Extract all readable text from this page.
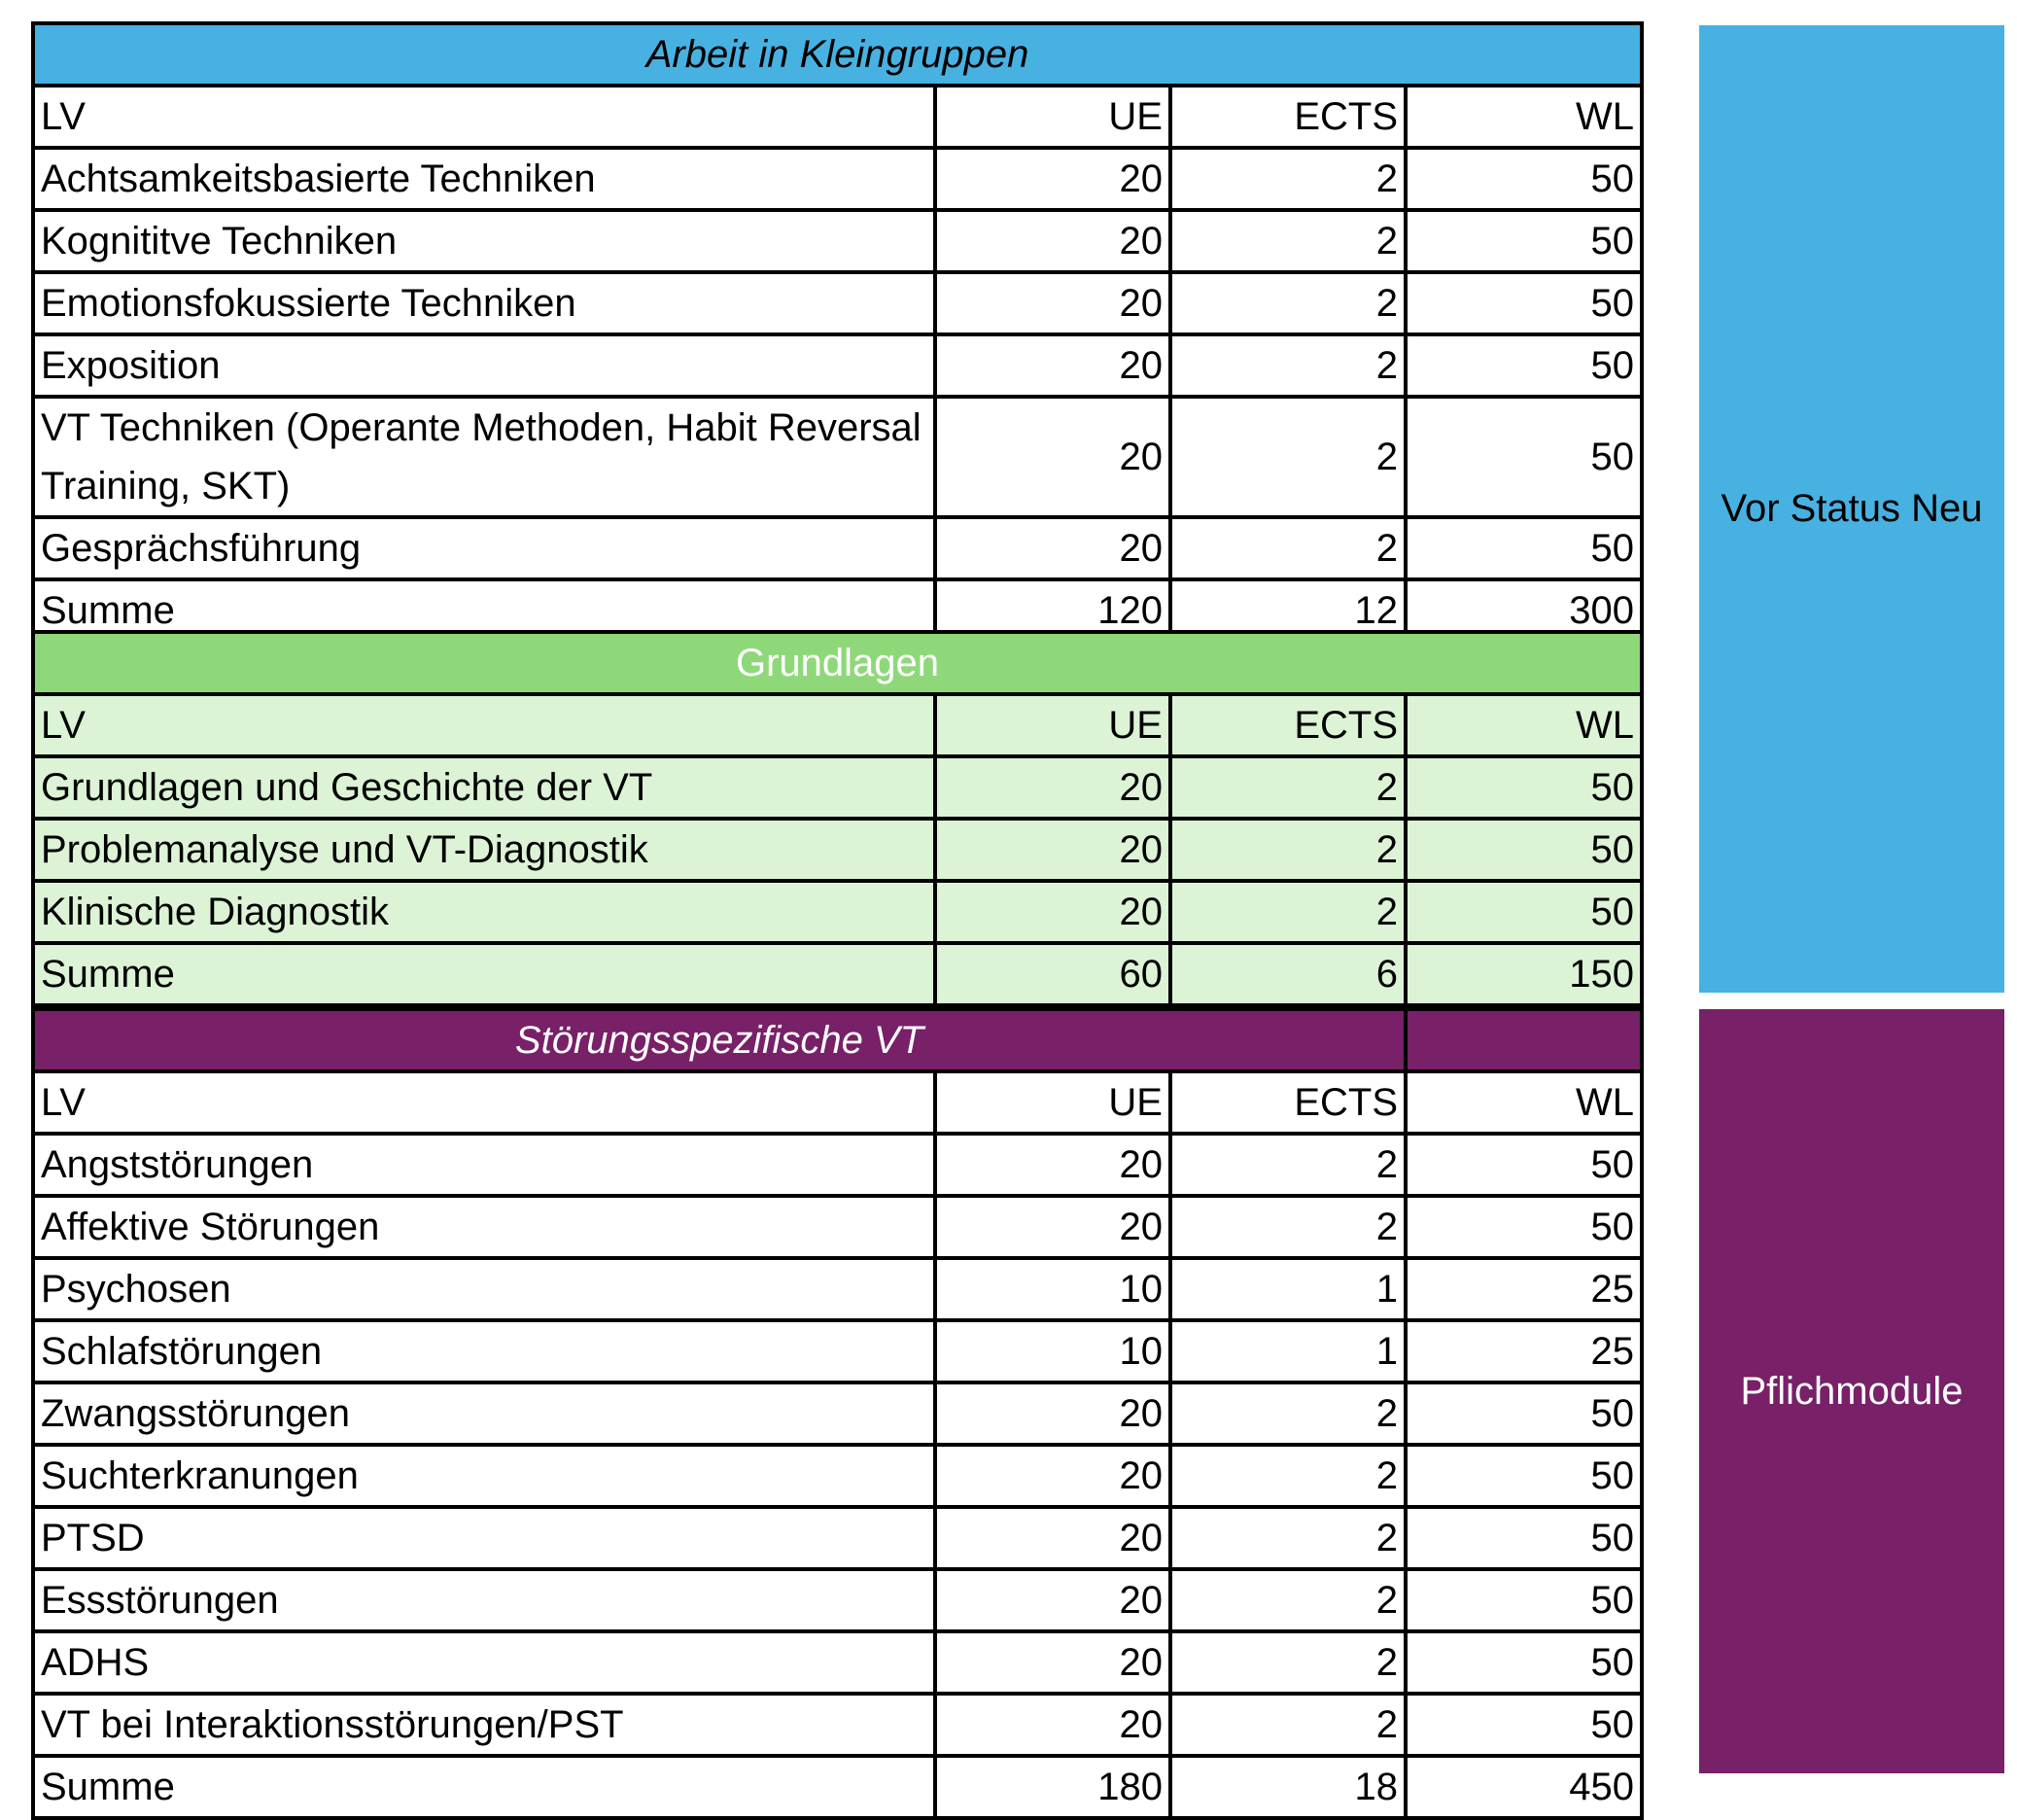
Arbeit in Kleingruppen			
LV	UE	ECTS	WL
Achtsamkeitsbasierte Techniken	20	2	50
Kognititve Techniken	20	2	50
Emotionsfokussierte Techniken	20	2	50
Exposition	20	2	50
VT Techniken (Operante Methoden, Habit Reversal Training, SKT)	20	2	50
Gesprächsführung	20	2	50
Summe	120	12	300
Grundlagen			
LV	UE	ECTS	WL
Grundlagen und Geschichte der VT	20	2	50
Problemanalyse und VT-Diagnostik	20	2	50
Klinische Diagnostik	20	2	50
Summe	60	6	150
Störungsspezifische VT			
LV	UE	ECTS	WL
Angststörungen	20	2	50
Affektive Störungen	20	2	50
Psychosen	10	1	25
Schlafstörungen	10	1	25
Zwangsstörungen	20	2	50
Suchterkranungen	20	2	50
PTSD	20	2	50
Essstörungen	20	2	50
ADHS	20	2	50
VT bei Interaktionsstörungen/PST	20	2	50
Summe	180	18	450
Vor Status Neu
Pflichmodule
